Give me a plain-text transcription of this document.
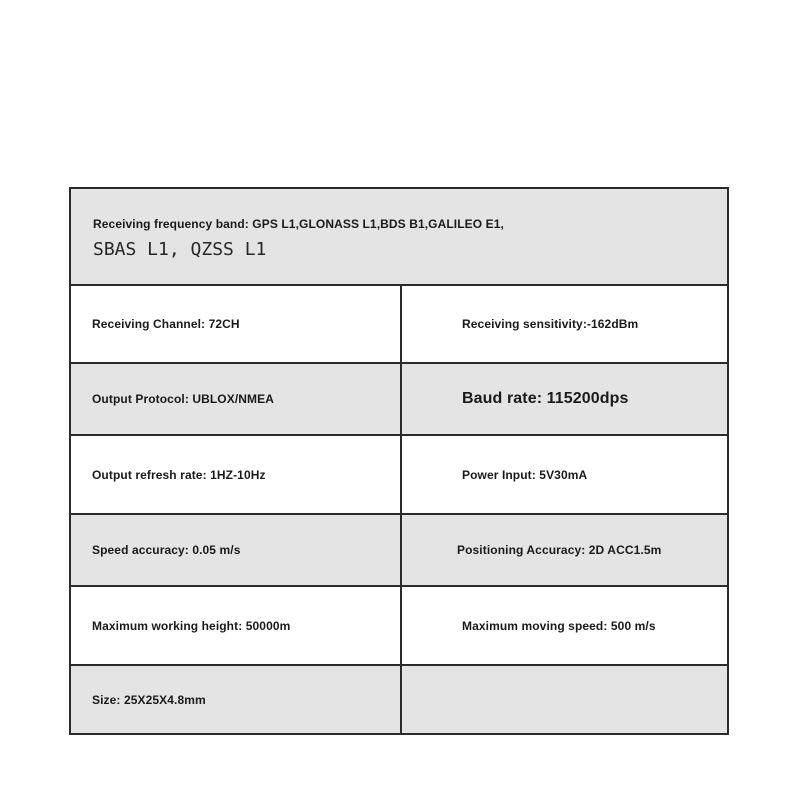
Receiving frequency band: GPS L1,GLONASS L1,BDS B1,GALILEO E1,
SBAS L1, QZSS L1
Receiving Channel: 72CH	Receiving sensitivity:-162dBm
Output Protocol: UBLOX/NMEA	Baud rate: 115200dps
Output refresh rate: 1HZ-10Hz	Power Input: 5V30mA
Speed accuracy: 0.05 m/s	Positioning Accuracy: 2D ACC1.5m
Maximum working height: 50000m	Maximum moving speed: 500 m/s
Size: 25X25X4.8mm
